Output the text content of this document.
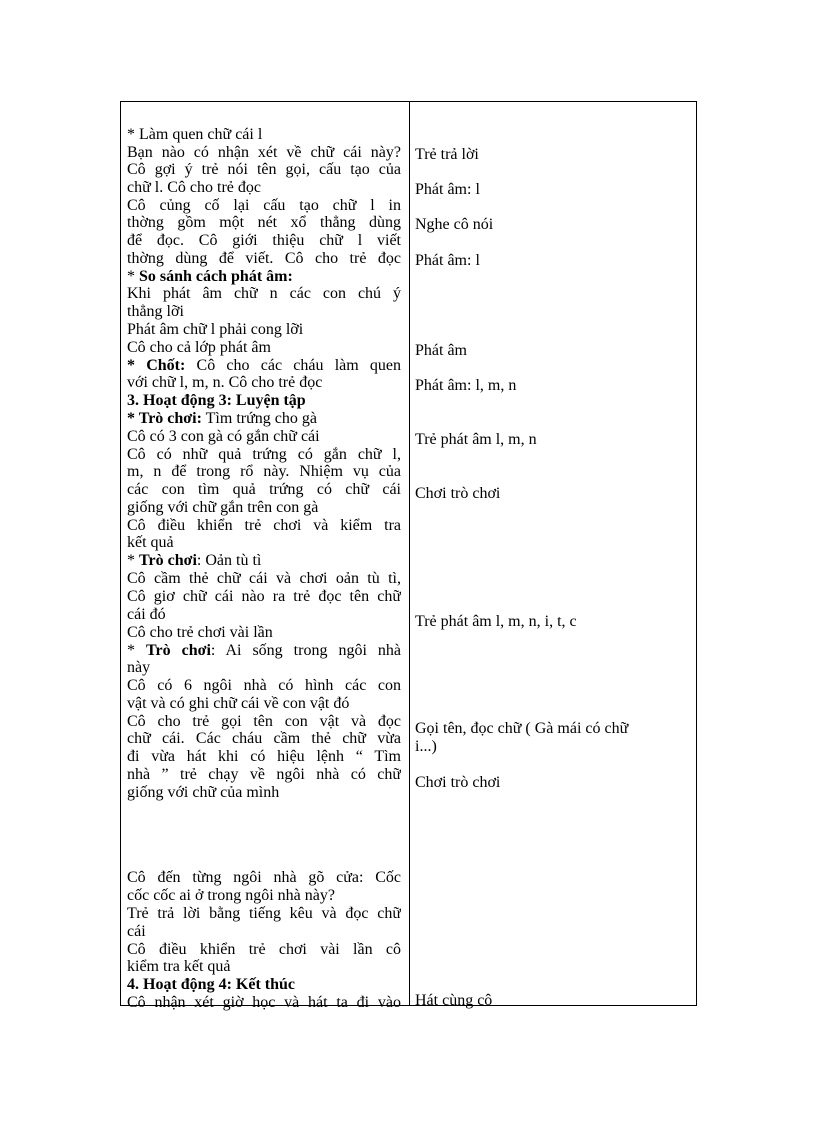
* Làm quen chữ cái l
Bạn nào có nhận xét về chữ cái này?
Cô gợi ý trẻ nói tên gọi, cấu tạo của
chữ l. Cô cho trẻ đọc
Cô củng cố lại cấu tạo chữ l in
thờng gồm một nét xổ thẳng dùng
để đọc. Cô giới thiệu chữ l viết
thờng dùng để viết. Cô cho trẻ đọc
* So sánh cách phát âm:
Khi phát âm chữ n các con chú ý
thẳng lỡi
Phát âm chữ l phải cong lỡi
Cô cho cả lớp phát âm
* Chốt: Cô cho các cháu làm quen
với chữ l, m, n. Cô cho trẻ đọc
3. Hoạt động 3: Luyện tập
* Trò chơi: Tìm trứng cho gà
Cô có 3 con gà có gắn chữ cái
Cô có nhữ quả trứng có gắn chữ l,
m, n để trong rổ này. Nhiệm vụ của
các con tìm quả trứng có chữ cái
giống với chữ gắn trên con gà
Cô điều khiển trẻ chơi và kiểm tra
kết quả
* Trò chơi: Oản tù tì
Cô cầm thẻ chữ cái và chơi oản tù tì,
Cô giơ chữ cái nào ra trẻ đọc tên chữ
cái đó
Cô cho trẻ chơi vài lần
* Trò chơi: Ai sống trong ngôi nhà
này
Cô có 6 ngôi nhà có hình các con
vật và có ghi chữ cái về con vật đó
Cô cho trẻ gọi tên con vật và đọc
chữ cái. Các cháu cầm thẻ chữ vừa
đi vừa hát khi có hiệu lệnh “ Tìm
nhà ” trẻ chạy về ngôi nhà có chữ
giống với chữ của mình
Cô đến từng ngôi nhà gõ cửa: Cốc
cốc cốc ai ở trong ngôi nhà này?
Trẻ trả lời bằng tiếng kêu và đọc chữ
cái
Cô điều khiển trẻ chơi vài lần cô
kiểm tra kết quả
4. Hoạt động 4: Kết thúc
Cô nhận xét giờ học và hát ta đi vào
Trẻ trả lời
Phát âm: l
Nghe cô nói
Phát âm: l
Phát âm
Phát âm: l, m, n
Trẻ phát âm l, m, n
Chơi trò chơi
Trẻ phát âm l, m, n, i, t, c
Gọi tên, đọc chữ ( Gà mái có chữ
i...)
Chơi trò chơi
Hát cùng cô
